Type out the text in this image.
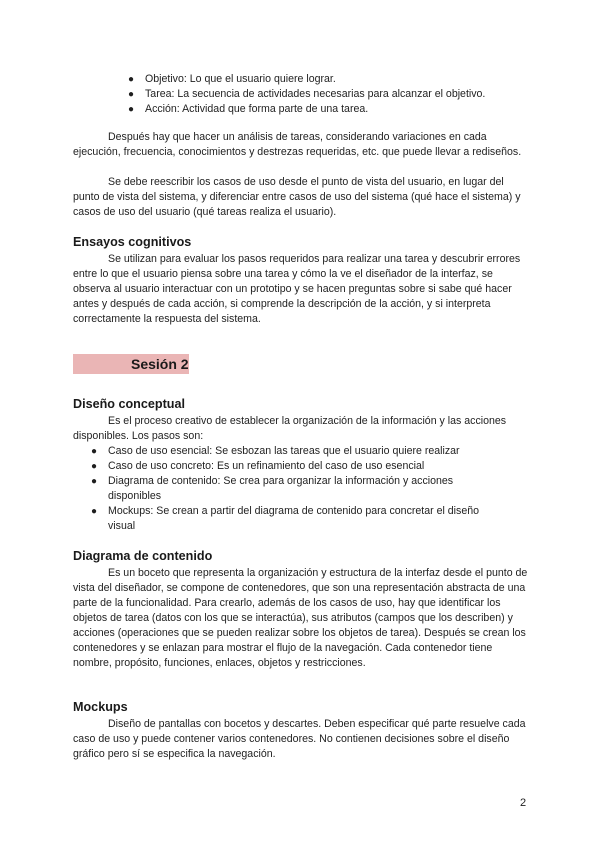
● Objetivo: Lo que el usuario quiere lograr.
● Tarea: La secuencia de actividades necesarias para alcanzar el objetivo.
● Acción: Actividad que forma parte de una tarea.

Después hay que hacer un análisis de tareas, considerando variaciones en cada ejecución, frecuencia, conocimientos y destrezas requeridas, etc. que puede llevar a rediseños.

Se debe reescribir los casos de uso desde el punto de vista del usuario, en lugar del punto de vista del sistema, y diferenciar entre casos de uso del sistema (qué hace el sistema) y casos de uso del usuario (qué tareas realiza el usuario).

Ensayos cognitivos

Se utilizan para evaluar los pasos requeridos para realizar una tarea y descubrir errores entre lo que el usuario piensa sobre una tarea y cómo la ve el diseñador de la interfaz, se observa al usuario interactuar con un prototipo y se hacen preguntas sobre si sabe qué hacer antes y después de cada acción, si comprende la descripción de la acción, y si interpreta correctamente la respuesta del sistema.

Sesión 2
Diseño conceptual

Es el proceso creativo de establecer la organización de la información y las acciones disponibles. Los pasos son:

● Caso de uso esencial: Se esbozan las tareas que el usuario quiere realizar
● Caso de uso concreto: Es un refinamiento del caso de uso esencial
● Diagrama de contenido: Se crea para organizar la información y acciones disponibles
● Mockups: Se crean a partir del diagrama de contenido para concretar el diseño visual
Diagrama de contenido

Es un boceto que representa la organización y estructura de la interfaz desde el punto de vista del diseñador, se compone de contenedores, que son una representación abstracta de una parte de la funcionalidad. Para crearlo, además de los casos de uso, hay que identificar los objetos de tarea (datos con los que se interactúa), sus atributos (campos que los describen) y acciones (operaciones que se pueden realizar sobre los objetos de tarea). Después se crean los contenedores y se enlazan para mostrar el flujo de la navegación. Cada contenedor tiene nombre, propósito, funciones, enlaces, objetos y restricciones.

Mockups

Diseño de pantallas con bocetos y descartes. Deben especificar qué parte resuelve cada caso de uso y puede contener varios contenedores. No contienen decisiones sobre el diseño gráfico pero sí se especifica la navegación.

2
